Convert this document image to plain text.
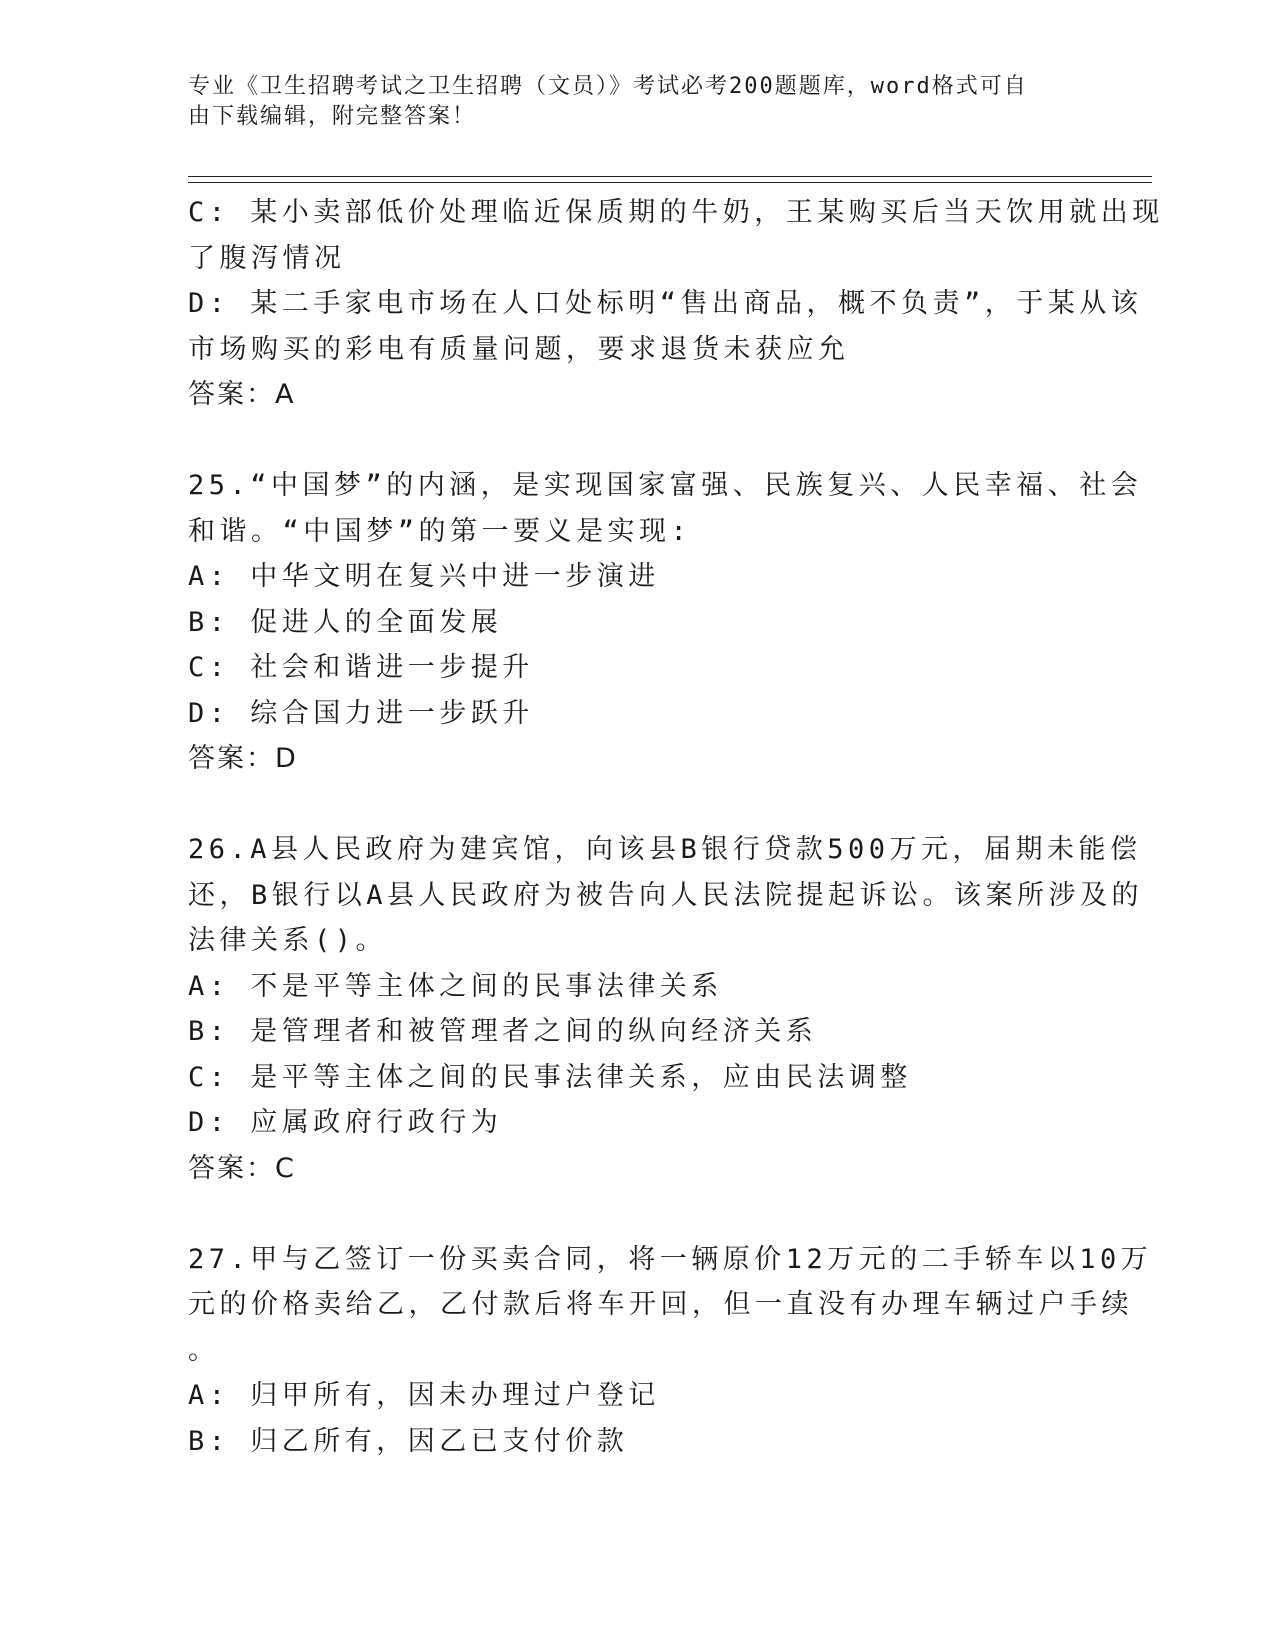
专业《卫生招聘考试之卫生招聘（文员）》考试必考200题题库，word格式可自
由下载编辑，附完整答案！
C: 某小卖部低价处理临近保质期的牛奶，王某购买后当天饮用就出现
了腹泻情况
D: 某二手家电市场在人口处标明“售出商品，概不负责”，于某从该
市场购买的彩电有质量问题，要求退货未获应允
答案：A
25.“中国梦”的内涵，是实现国家富强、民族复兴、人民幸福、社会
和谐。“中国梦”的第一要义是实现:
A: 中华文明在复兴中进一步演进
B: 促进人的全面发展
C: 社会和谐进一步提升
D: 综合国力进一步跃升
答案：D
26.A县人民政府为建宾馆，向该县B银行贷款500万元，届期未能偿
还，B银行以A县人民政府为被告向人民法院提起诉讼。该案所涉及的
法律关系()。
A: 不是平等主体之间的民事法律关系
B: 是管理者和被管理者之间的纵向经济关系
C: 是平等主体之间的民事法律关系，应由民法调整
D: 应属政府行政行为
答案：C
27.甲与乙签订一份买卖合同，将一辆原价12万元的二手轿车以10万
元的价格卖给乙，乙付款后将车开回，但一直没有办理车辆过户手续
。
A: 归甲所有，因未办理过户登记
B: 归乙所有，因乙已支付价款
